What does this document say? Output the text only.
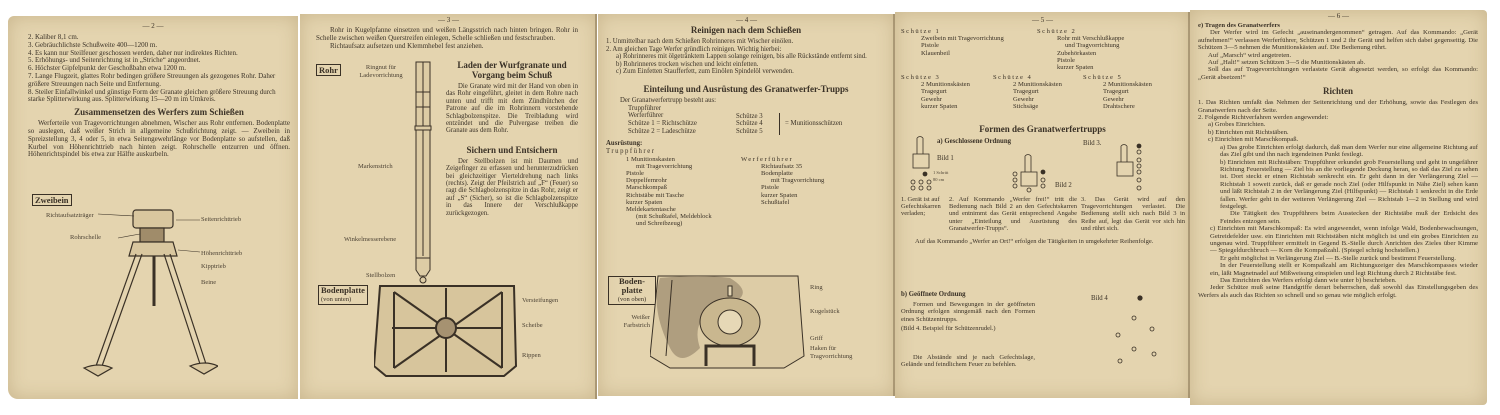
— 2 —
2. Kaliber 8,1 cm.
3. Gebräuchlichste Schußweite 400—1200 m.
4. Es kann nur Steilfeuer geschossen werden, daher nur indirektes Richten.
5. Erhöhungs- und Seitenrichtung ist in „Striche“ angeordnet.
6. Höchster Gipfelpunkt der Geschoßbahn etwa 1200 m.
7. Lange Flugzeit, glattes Rohr bedingen größere Streuungen als gezogenes Rohr. Daher größere Streuungen nach Seite und Entfernung.
8. Steiler Einfallwinkel und günstige Form der Granate gleichen größere Streuung durch starke Splitterwirkung aus. Splitterwirkung 15—20 m im Umkreis.
Zusammensetzen des Werfers zum Schießen
Werferteile von Tragevorrichtungen abnehmen, Wischer aus Rohr entfernen. Bodenplatte so auslegen, daß weißer Strich in allgemeine Schußrichtung zeigt. — Zweibein in Spreizstellung 3, 4 oder 5, in etwa Seitengewehrlänge vor Bodenplatte so aufstellen, daß Kurbel von Höhenrichttrieb nach hinten zeigt. Rohrschelle entzurren und öffnen. Höhenrichtspindel bis etwa zur Hälfte auskurbeln.
Zweibein
Richtaufsatzträger
Rohrschelle
Seitenrichttrieb
Höhenrichttrieb
Kipptrieb
Beine
— 3 —
Rohr in Kugelpfanne einsetzen und weißen Längsstrich nach hinten bringen. Rohr in Schelle zwischen weißen Querstreifen einlegen, Schelle schließen und festschrauben.
Richtaufsatz aufsetzen und Klemmhebel fest anziehen.
Rohr	Ringnut für Ladevorrichtung
Markenstrich
Winkelmesserebene
Stellbolzen
Laden der Wurfgranate und Vorgang beim Schuß
Die Granate wird mit der Hand von oben in das Rohr eingeführt, gleitet in dem Rohre nach unten und trifft mit dem Zündhütchen der Patrone auf die im Rohrinnern vorstehende Schlagbolzenspitze. Die Treibladung wird entzündet und die Pulvergase treiben die Granate aus dem Rohr.
Sichern und Entsichern
Der Stellbolzen ist mit Daumen und Zeigefinger zu erfassen und herunterzudrücken bei gleichzeitiger Vierteldrehung nach links (rechts). Zeigt der Pfeilstrich auf „F“ (Feuer) so ragt die Schlagbolzenspitze in das Rohr, zeigt er auf „S“ (Sicher), so ist die Schlagbolzenspitze in das Innere der Verschlußkappe zurückgezogen.
Bodenplatte
(von unten)	Versteifungen
Scheibe
Rippen
— 4 —
Reinigen nach dem Schießen
1. Unmittelbar nach dem Schießen Rohrinneres mit Wischer einölen.
2. Am gleichen Tage Werfer gründlich reinigen. Wichtig hierbei:
a) Rohrinneres mit ölgetränktem Lappen solange reinigen, bis alle Rückstände entfernt sind.
b) Rohrinneres trocken wischen und leicht einfetten.
c) Zum Einfetten Staufferfett, zum Einölen Spindelöl verwenden.
Einteilung und Ausrüstung des Granatwerfer-Trupps
Der Granatwerfertrupp besteht aus:
Truppführer
Werferführer
Schütze 1 = Richtschütze
Schütze 2 = Ladeschütze
Schütze 3
Schütze 4
Schütze 5
= Munitionsschützen
Ausrüstung:
Truppführer
1 Munitionskasten
mit Tragevorrichtung
Pistole
Doppelfernrohr
Marschkompaß
Richtstäbe mit Tasche
kurzer Spaten
Meldekartentasche
(mit Schußtafel, Meldeblock
und Schreibzeug)
Werferführer
Richtaufsatz 35
Bodenplatte
mit Tragvorrichtung
Pistole
kurzer Spaten
Schußtafel
Boden-platte
(von oben)
Ring
Kugelstück
Weißer Farbstrich
Griff
Haken für Tragvorrichtung
— 5 —
Schütze 1
Zweibein mit Tragevorrichtung
Pistole
Klauenbeil
Schütze 2
Rohr mit Verschlußkappe
und Tragvorrichtung
Zubehörkasten
Pistole
kurzer Spaten
Schütze 3
2 Munitionskästen
Tragegurt
Gewehr
kurzer Spaten
Schütze 4
2 Munitionskästen
Tragegurt
Gewehr
Stichsäge
Schütze 5
2 Munitionskästen
Tragegurt
Gewehr
Drahtschere
Formen des Granatwerfertrupps
a) Geschlossene Ordnung
Bild 1
Bild 2
Bild 3.
1 Schritt
80 cm
1. Gerät ist auf Gefechtskarren verladen;
2. Auf Kommando „Werfer frei!“ tritt die Bedienung nach Bild 2 an den Gefechtskarren und entnimmt das Gerät entsprechend Angabe unter „Einteilung und Ausrüstung des Granatwerfer-Trupps“.
3. Das Gerät wird auf den Tragevorrichtungen verlastet. Die Bedienung stellt sich nach Bild 3 in Reihe auf, legt das Gerät vor sich hin und rührt sich.
Auf das Kommando „Werfer an Ort!“ erfolgen die Tätigkeiten in umgekehrter Reihenfolge.
b) Geöffnete Ordnung
Formen und Bewegungen in der geöffneten Ordnung erfolgen sinngemäß nach den Formen eines Schützentrupps.
(Bild 4. Beispiel für Schützenrudel.)
Die Abstände sind je nach Gefechtslage, Gelände und feindlichem Feuer zu befehlen.
Bild 4
— 6 —
e) Tragen des Granatwerfers
Der Werfer wird im Gefecht „auseinandergenommen“ getragen. Auf das Kommando: „Gerät aufnehmen!“ verlassen Werferführer, Schützen 1 und 2 ihr Gerät und helfen sich dabei gegenseitig. Die Schützen 3—5 nehmen die Munitionskästen auf. Die Bedienung rührt.
Auf „Marsch“ wird angetreten.
Auf „Halt!“ setzen Schützen 3—5 die Munitionskästen ab.
Soll das auf Tragevorrichtungen verlastete Gerät abgesetzt werden, so erfolgt das Kommando: „Gerät absetzen!“
Richten
1. Das Richten umfaßt das Nehmen der Seitenrichtung und der Erhöhung, sowie das Festlegen des Granatwerfers nach der Seite.
2. Folgende Richtverfahren werden angewendet:
a) Grobes Einrichten.
b) Einrichten mit Richtstäben.
c) Einrichten mit Marschkompaß.
a) Das grobe Einrichten erfolgt dadurch, daß man dem Werfer nur eine allgemeine Richtung auf das Ziel gibt und ihn nach irgendeinen Punkt festlegt.
b) Einrichten mit Richtstäben: Truppführer erkundet grob Feuerstellung und geht in ungefährer Richtung Feuerstellung — Ziel bis an die vorliegende Deckung heran, so daß das Ziel zu sehen ist. Dort steckt er einen Richtstab senkrecht ein. Er geht dann in der Verlängerung Ziel — Richtstab 1 soweit zurück, daß er gerade noch Ziel (oder Hilfspunkt in Nähe Ziel) sehen kann und läßt Richtstab 2 in der Verlängerung Ziel (Hilfspunkt) — Richtstab 1 senkrecht in die Erde fallen. Werfer geht in der weiteren Verlängerung Ziel — Richtstab 1—2 in Stellung und wird festgelegt.
Die Tätigkeit des Truppführers beim Ausstecken der Richtstäbe muß der Erdsicht des Feindes entzogen sein.
c) Einrichten mit Marschkompaß: Es wird angewendet, wenn infolge Wald, Bodenbewachsungen, Getreidefelder usw. ein Einrichten mit Richtstäben nicht möglich ist und ein grobes Einrichten zu ungenau wird. Truppführer ermittelt in Gegend B.-Stelle durch Anrichten des Zieles über Kimme — Spiegeldurchbruch — Korn die Kompaßzahl. (Spiegel schräg hochstellen.)
Er geht möglichst in Verlängerung Ziel — B.-Stelle zurück und bestimmt Feuerstellung.
In der Feuerstellung stellt er Kompaßzahl am Richtungszeiger des Marschkompasses wieder ein, läßt Magnetnadel auf Mißweisung einspielen und legt Richtung durch 2 Richtstäbe fest.
Das Einrichten des Werfers erfolgt dann wie unter b) beschrieben.
Jeder Schütze muß seine Handgriffe derart beherrschen, daß sowohl das Einstellungsgeben des Werfers als auch das Richten so schnell und so genau wie möglich erfolgt.
